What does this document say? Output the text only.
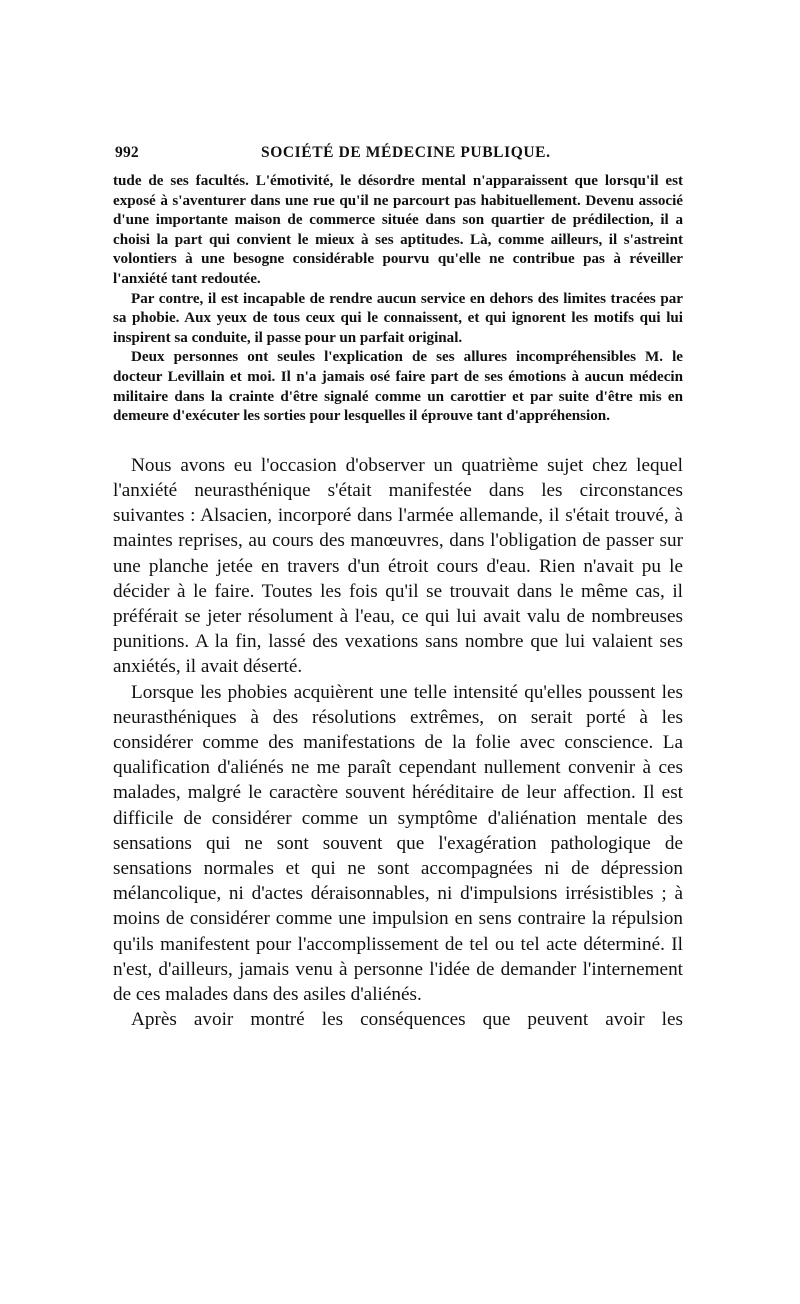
992	SOCIÉTÉ DE MÉDECINE PUBLIQUE.

tude de ses facultés. L'émotivité, le désordre mental n'apparaissent que lorsqu'il est exposé à s'aventurer dans une rue qu'il ne parcourt pas habituellement. Devenu associé d'une importante maison de commerce située dans son quartier de prédilection, il a choisi la part qui convient le mieux à ses aptitudes. Là, comme ailleurs, il s'astreint volontiers à une besogne considérable pourvu qu'elle ne contribue pas à réveiller l'anxiété tant redoutée.

Par contre, il est incapable de rendre aucun service en dehors des limites tracées par sa phobie. Aux yeux de tous ceux qui le connaissent, et qui ignorent les motifs qui lui inspirent sa conduite, il passe pour un parfait original.

Deux personnes ont seules l'explication de ses allures incompréhensibles M. le docteur Levillain et moi. Il n'a jamais osé faire part de ses émotions à aucun médecin militaire dans la crainte d'être signalé comme un carottier et par suite d'être mis en demeure d'exécuter les sorties pour lesquelles il éprouve tant d'appréhension.

Nous avons eu l'occasion d'observer un quatrième sujet chez lequel l'anxiété neurasthénique s'était manifestée dans les circonstances suivantes : Alsacien, incorporé dans l'armée allemande, il s'était trouvé, à maintes reprises, au cours des manœuvres, dans l'obligation de passer sur une planche jetée en travers d'un étroit cours d'eau. Rien n'avait pu le décider à le faire. Toutes les fois qu'il se trouvait dans le même cas, il préférait se jeter résolument à l'eau, ce qui lui avait valu de nombreuses punitions. A la fin, lassé des vexations sans nombre que lui valaient ses anxiétés, il avait déserté.

Lorsque les phobies acquièrent une telle intensité qu'elles poussent les neurasthéniques à des résolutions extrêmes, on serait porté à les considérer comme des manifestations de la folie avec conscience. La qualification d'aliénés ne me paraît cependant nullement convenir à ces malades, malgré le caractère souvent héréditaire de leur affection. Il est difficile de considérer comme un symptôme d'aliénation mentale des sensations qui ne sont souvent que l'exagération pathologique de sensations normales et qui ne sont accompagnées ni de dépression mélancolique, ni d'actes déraisonnables, ni d'impulsions irrésistibles ; à moins de considérer comme une impulsion en sens contraire la répulsion qu'ils manifestent pour l'accomplissement de tel ou tel acte déterminé. Il n'est, d'ailleurs, jamais venu à personne l'idée de demander l'internement de ces malades dans des asiles d'aliénés.

Après avoir montré les conséquences que peuvent avoir les
